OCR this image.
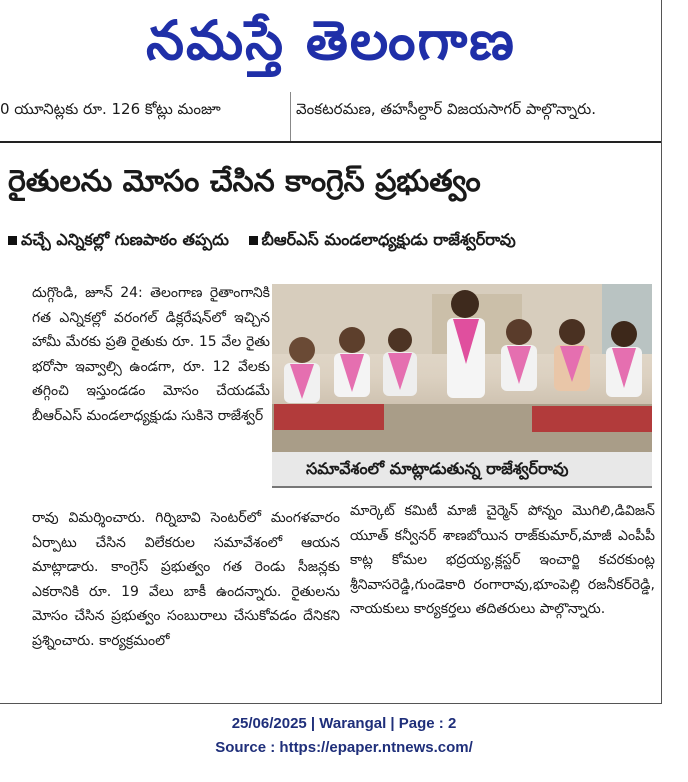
నమస్తే తెలంగాణ
0 యూనిట్లకు రూ. 126 కోట్లు మంజూ	వెంకటరమణ, తహసీల్దార్ విజయసాగర్ పాల్గొన్నారు.
రైతులను మోసం చేసిన కాంగ్రెస్ ప్రభుత్వం
వచ్చే ఎన్నికల్లో గుణపాఠం తప్పదు బీఆర్ఎస్ మండలాధ్యక్షుడు రాజేశ్వర్‌రావు
దుగ్గొండి, జూన్ 24: తెలంగాణ రైతాంగానికి గత ఎన్నికల్లో వరంగల్ డిక్లరేషన్‌లో ఇచ్చిన హామీ మేరకు ప్రతి రైతుకు రూ. 15 వేల రైతు భరోసా ఇవ్వాల్సి ఉండగా, రూ. 12 వేలకు తగ్గించి ఇస్తుండడం మోసం చేయడమే బీఆర్ఎస్ మండలాధ్యక్షుడు సుకినె రాజేశ్వర్
సమావేశంలో మాట్లాడుతున్న రాజేశ్వర్‌రావు
రావు విమర్శించారు. గిర్నిబావి సెంటర్‌లో మంగళవారం ఏర్పాటు చేసిన విలేకరుల సమావేశంలో ఆయన మాట్లాడారు. కాంగ్రెస్ ప్రభుత్వం గత రెండు సీజన్లకు ఎకరానికి రూ. 19 వేలు బాకీ ఉందన్నారు. రైతులను మోసం చేసిన ప్రభుత్వం సంబురాలు చేసుకోవడం దేనికని ప్రశ్నించారు. కార్యక్రమంలో
మార్కెట్ కమిటీ మాజీ చైర్మెన్ పోన్నం మొగిలి,డివిజన్ యూత్ కన్వీనర్ శాణబోయిన రాజ్‌కుమార్,మాజీ ఎంపీపీ కాట్ల కోమల భద్రయ్య,క్లస్టర్ ఇంచార్జి కచరకుంట్ల శ్రీనివాసరెడ్డి,గుండెకారి రంగారావు,భూంపెల్లి రజనీకర్‌రెడ్డి, నాయకులు కార్యకర్తలు తదితరులు పాల్గొన్నారు.
25/06/2025 | Warangal | Page : 2
Source : https://epaper.ntnews.com/
